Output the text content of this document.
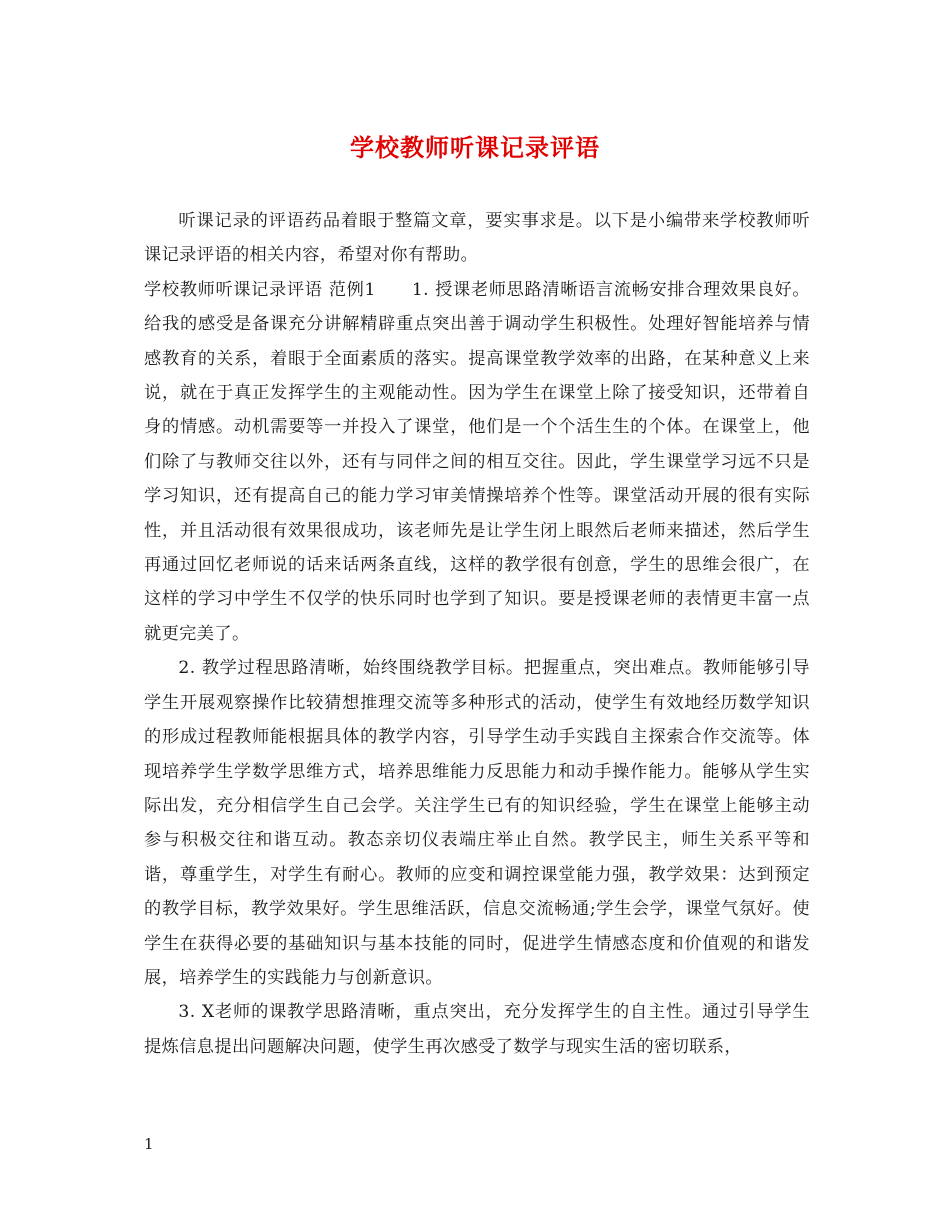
学校教师听课记录评语

听课记录的评语药品着眼于整篇文章，要实事求是。以下是小编带来学校教师听课记录评语的相关内容，希望对你有帮助。

学校教师听课记录评语 范例1　　1. 授课老师思路清晰语言流畅安排合理效果良好。给我的感受是备课充分讲解精辟重点突出善于调动学生积极性。处理好智能培养与情感教育的关系，着眼于全面素质的落实。提高课堂教学效率的出路，在某种意义上来说，就在于真正发挥学生的主观能动性。因为学生在课堂上除了接受知识，还带着自身的情感。动机需要等一并投入了课堂，他们是一个个活生生的个体。在课堂上，他们除了与教师交往以外，还有与同伴之间的相互交往。因此，学生课堂学习远不只是学习知识，还有提高自己的能力学习审美情操培养个性等。课堂活动开展的很有实际性，并且活动很有效果很成功，该老师先是让学生闭上眼然后老师来描述，然后学生再通过回忆老师说的话来话两条直线，这样的教学很有创意，学生的思维会很广，在这样的学习中学生不仅学的快乐同时也学到了知识。要是授课老师的表情更丰富一点就更完美了。

2. 教学过程思路清晰，始终围绕教学目标。把握重点，突出难点。教师能够引导学生开展观察操作比较猜想推理交流等多种形式的活动，使学生有效地经历数学知识的形成过程教师能根据具体的教学内容，引导学生动手实践自主探索合作交流等。体现培养学生学数学思维方式，培养思维能力反思能力和动手操作能力。能够从学生实际出发，充分相信学生自己会学。关注学生已有的知识经验，学生在课堂上能够主动参与积极交往和谐互动。教态亲切仪表端庄举止自然。教学民主，师生关系平等和谐，尊重学生，对学生有耐心。教师的应变和调控课堂能力强，教学效果：达到预定的教学目标，教学效果好。学生思维活跃，信息交流畅通;学生会学，课堂气氛好。使学生在获得必要的基础知识与基本技能的同时，促进学生情感态度和价值观的和谐发展，培养学生的实践能力与创新意识。

3. X老师的课教学思路清晰，重点突出，充分发挥学生的自主性。通过引导学生提炼信息提出问题解决问题，使学生再次感受了数学与现实生活的密切联系，

1
